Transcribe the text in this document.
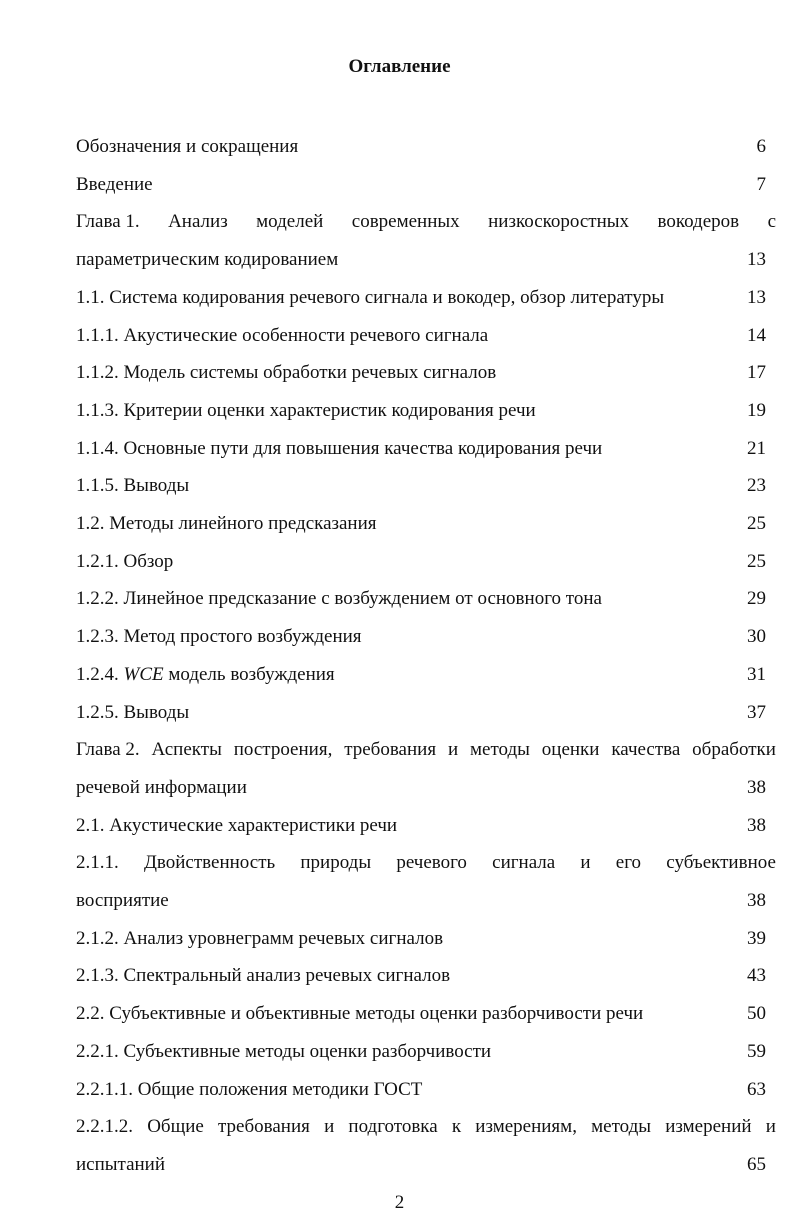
Оглавление
Обозначения и сокращения	6
Введение	7
Глава 1. Анализ моделей современных низкоскоростных вокодеров с
параметрическим кодированием	13
1.1. Система кодирования речевого сигнала и вокодер, обзор литературы	13
1.1.1. Акустические особенности речевого сигнала	14
1.1.2. Модель системы обработки речевых сигналов	17
1.1.3. Критерии оценки характеристик кодирования речи	19
1.1.4. Основные пути для повышения качества кодирования речи	21
1.1.5. Выводы	23
1.2. Методы линейного предсказания	25
1.2.1. Обзор	25
1.2.2. Линейное предсказание с возбуждением от основного тона	29
1.2.3. Метод простого возбуждения	30
1.2.4. WCE модель возбуждения	31
1.2.5. Выводы	37
Глава 2. Аспекты построения, требования и методы оценки качества обработки
речевой информации	38
2.1. Акустические характеристики речи	38
2.1.1. Двойственность природы речевого сигнала и его субъективное
восприятие	38
2.1.2. Анализ уровнеграмм речевых сигналов	39
2.1.3. Спектральный анализ речевых сигналов	43
2.2. Субъективные и объективные методы оценки разборчивости речи	50
2.2.1. Субъективные методы оценки разборчивости	59
2.2.1.1. Общие положения методики ГОСТ	63
2.2.1.2. Общие требования и подготовка к измерениям, методы измерений и
испытаний	65
2
